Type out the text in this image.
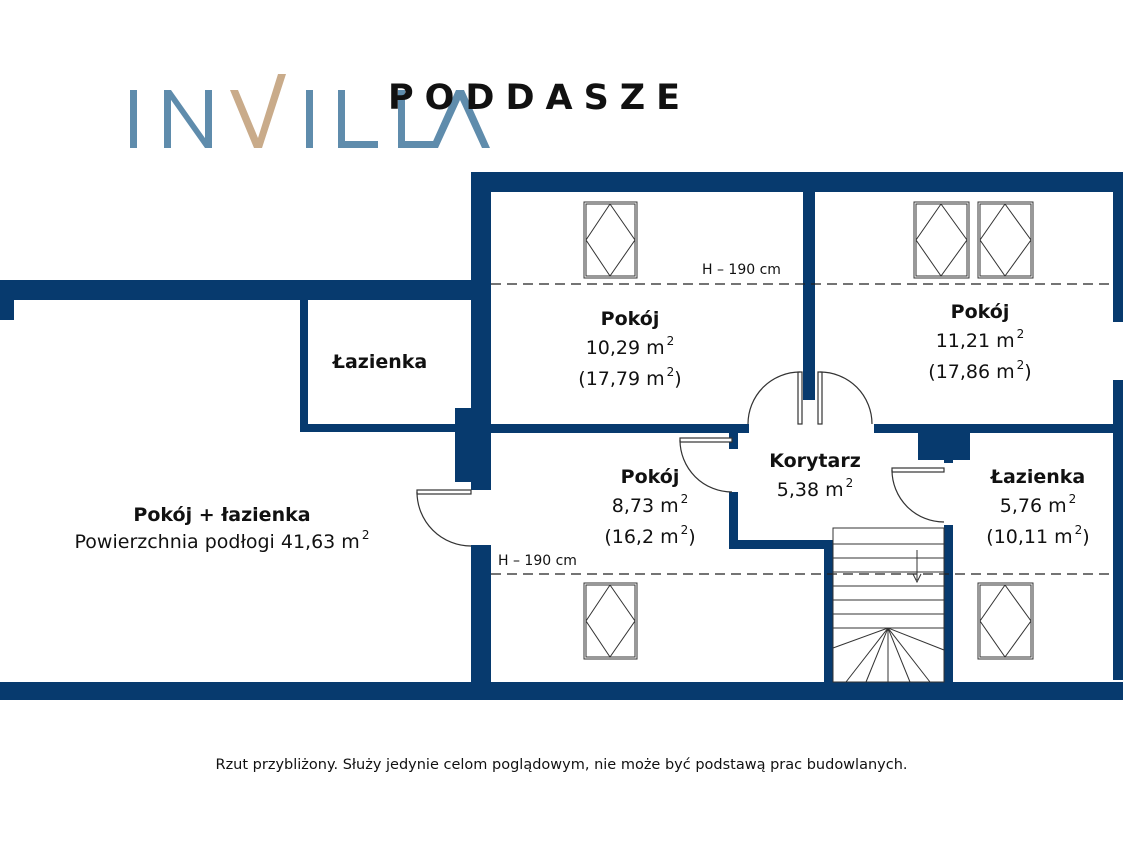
PODDASZE
Pokój + łazienka
Powierzchnia podłogi 41,63 m $^2$
Łazienka
Pokój
10,29 m $^2$
(17,79 m $^2$)
Pokój
11,21 m $^2$
(17,86 m $^2$)
Pokój
8,73 m $^2$
(16,2 m $^2$)
Korytarz
5,38 m $^2$	Łazienka
5,76 m $^2$
(10,11 m $^2$)
H – 190 cm
H – 190 cm
Rzut przybliżony. Służy jedynie celom poglądowym, nie może być podstawą prac budowlanych.
